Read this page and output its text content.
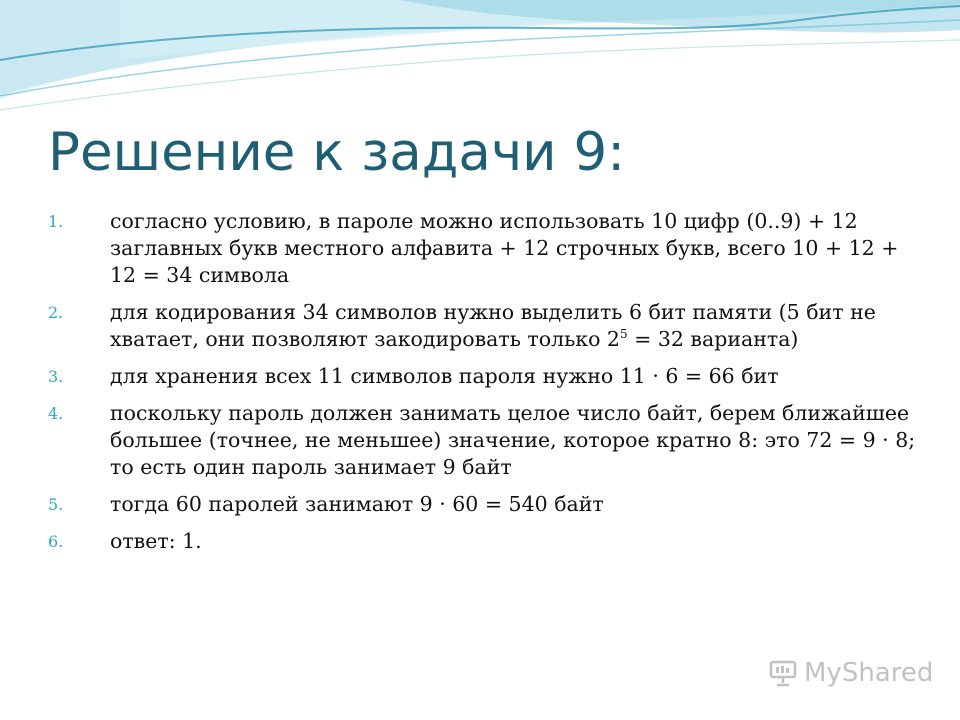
Решение к задачи 9:
1. согласно условию, в пароле можно использовать 10 цифр (0..9) + 12 заглавных букв местного алфавита + 12 строчных букв, всего 10 + 12 + 12 = 34 символа
2. для кодирования 34 символов нужно выделить 6 бит памяти (5 бит не хватает, они позволяют закодировать только $2^5 = 32$ варианта)
3. для хранения всех 11 символов пароля нужно 11 · 6 = 66 бит
4. поскольку пароль должен занимать целое число байт, берем ближайшее большее (точнее, не меньшее) значение, которое кратно 8: это 72 = 9 · 8; то есть один пароль занимает 9 байт
5. тогда 60 паролей занимают 9 · 60 = 540 байт
6. ответ: 1.
MyShared
